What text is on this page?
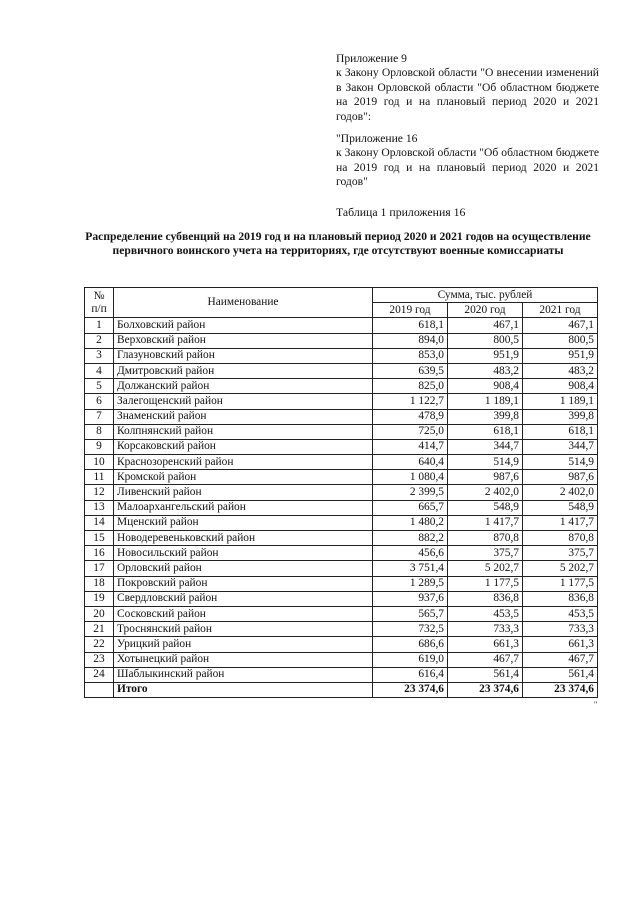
Приложение 9

к Закону Орловской области "О внесении изменений в Закон Орловской области "Об областном бюджете на 2019 год и на плановый период 2020 и 2021 годов":

"Приложение 16

к Закону Орловской области "Об областном бюджете на 2019 год и на плановый период 2020 и 2021 годов"

Таблица 1 приложения 16
Распределение субвенций на 2019 год и на плановый период 2020 и 2021 годов на осуществление первичного воинского учета на территориях, где отсутствуют военные комиссариаты
№ п/п	Наименование	Сумма, тыс. рублей		
		2019 год	2020 год	2021 год
1	Болховский район	618,1	467,1	467,1
2	Верховский район	894,0	800,5	800,5
3	Глазуновский район	853,0	951,9	951,9
4	Дмитровский район	639,5	483,2	483,2
5	Должанский район	825,0	908,4	908,4
6	Залегощенский район	1 122,7	1 189,1	1 189,1
7	Знаменский район	478,9	399,8	399,8
8	Колпнянский район	725,0	618,1	618,1
9	Корсаковский район	414,7	344,7	344,7
10	Краснозоренский район	640,4	514,9	514,9
11	Кромской район	1 080,4	987,6	987,6
12	Ливенский район	2 399,5	2 402,0	2 402,0
13	Малоархангельский район	665,7	548,9	548,9
14	Мценский район	1 480,2	1 417,7	1 417,7
15	Новодеревеньковский район	882,2	870,8	870,8
16	Новосильский район	456,6	375,7	375,7
17	Орловский район	3 751,4	5 202,7	5 202,7
18	Покровский район	1 289,5	1 177,5	1 177,5
19	Свердловский район	937,6	836,8	836,8
20	Сосковский район	565,7	453,5	453,5
21	Троснянский район	732,5	733,3	733,3
22	Урицкий район	686,6	661,3	661,3
23	Хотынецкий район	619,0	467,7	467,7
24	Шаблыкинский район	616,4	561,4	561,4
	Итого	23 374,6	23 374,6	23 374,6
"
